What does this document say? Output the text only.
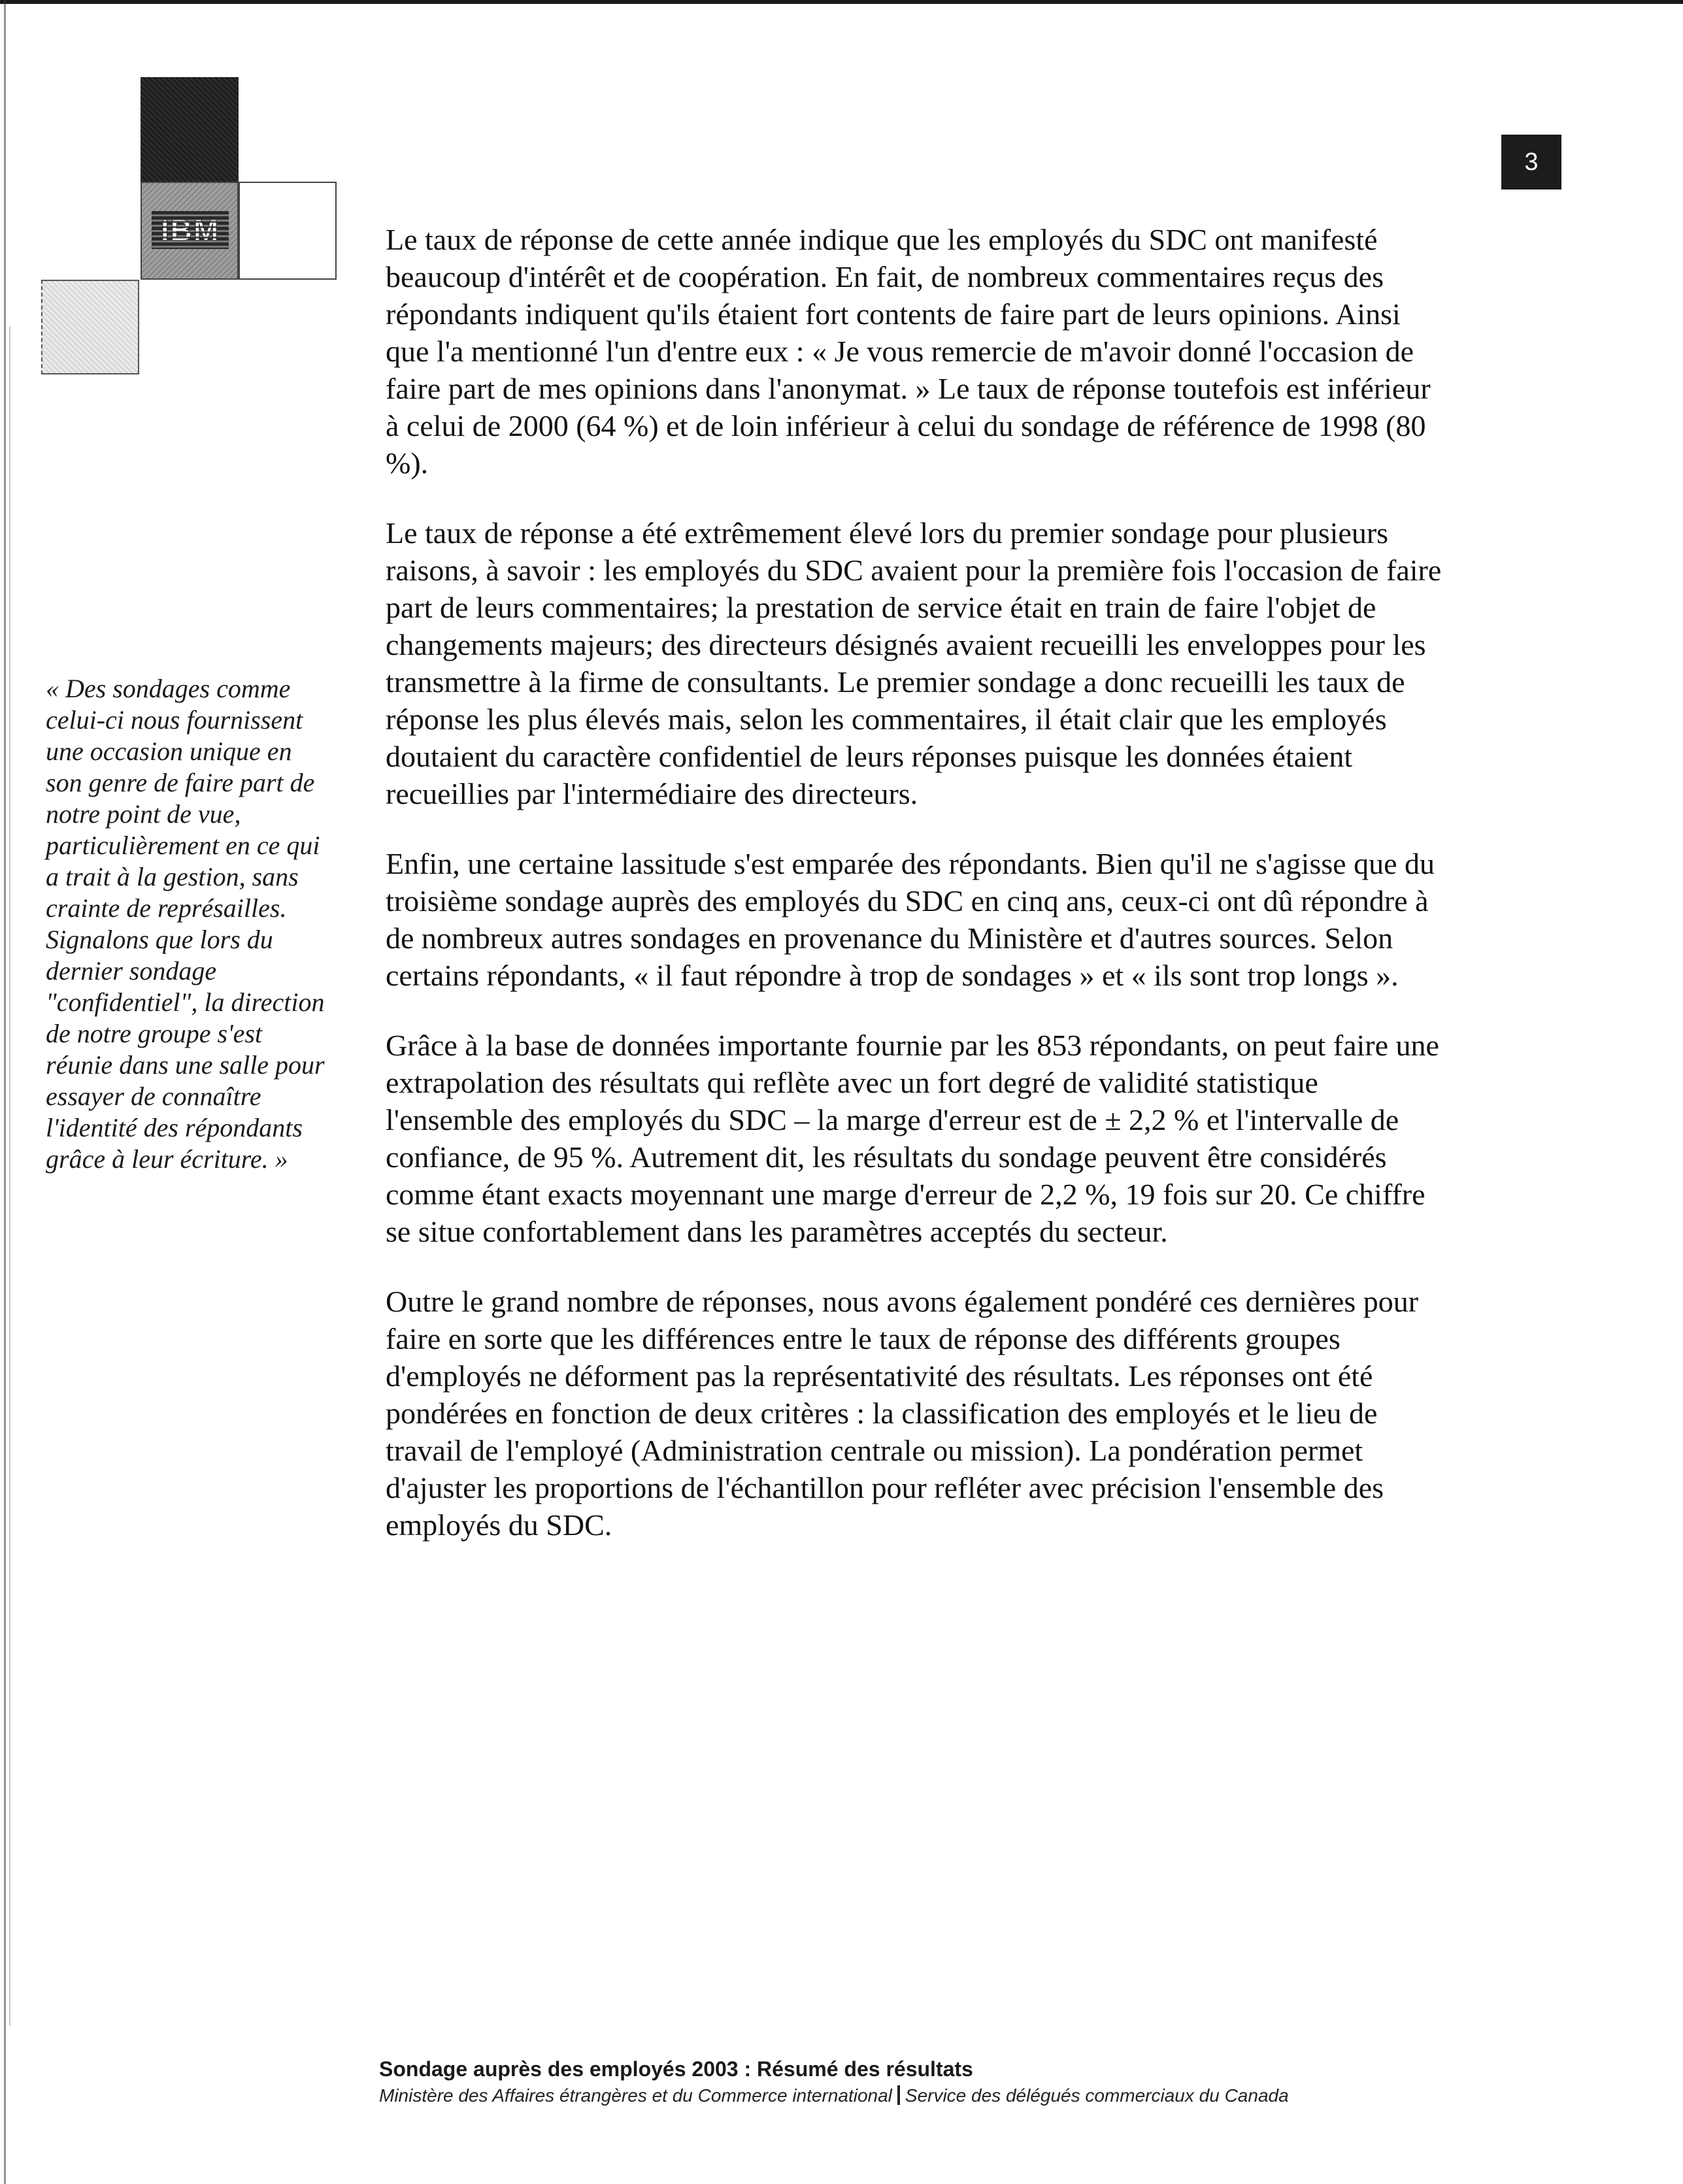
IBM
3

« Des sondages comme celui-ci nous fournissent une occasion unique en son genre de faire part de notre point de vue, particulièrement en ce qui a trait à la gestion, sans crainte de représailles. Signalons que lors du dernier sondage "confidentiel", la direction de notre groupe s'est réunie dans une salle pour essayer de connaître l'identité des répondants grâce à leur écriture. »

Le taux de réponse de cette année indique que les employés du SDC ont manifesté beaucoup d'intérêt et de coopération. En fait, de nombreux commentaires reçus des répondants indiquent qu'ils étaient fort contents de faire part de leurs opinions. Ainsi que l'a mentionné l'un d'entre eux : « Je vous remercie de m'avoir donné l'occasion de faire part de mes opinions dans l'anonymat. » Le taux de réponse toutefois est inférieur à celui de 2000 (64 %) et de loin inférieur à celui du sondage de référence de 1998 (80 %).

Le taux de réponse a été extrêmement élevé lors du premier sondage pour plusieurs raisons, à savoir : les employés du SDC avaient pour la première fois l'occasion de faire part de leurs commentaires; la prestation de service était en train de faire l'objet de changements majeurs; des directeurs désignés avaient recueilli les enveloppes pour les transmettre à la firme de consultants. Le premier sondage a donc recueilli les taux de réponse les plus élevés mais, selon les commentaires, il était clair que les employés doutaient du caractère confidentiel de leurs réponses puisque les données étaient recueillies par l'intermédiaire des directeurs.

Enfin, une certaine lassitude s'est emparée des répondants. Bien qu'il ne s'agisse que du troisième sondage auprès des employés du SDC en cinq ans, ceux-ci ont dû répondre à de nombreux autres sondages en provenance du Ministère et d'autres sources. Selon certains répondants, « il faut répondre à trop de sondages » et « ils sont trop longs ».

Grâce à la base de données importante fournie par les 853 répondants, on peut faire une extrapolation des résultats qui reflète avec un fort degré de validité statistique l'ensemble des employés du SDC – la marge d'erreur est de ± 2,2 % et l'intervalle de confiance, de 95 %. Autrement dit, les résultats du sondage peuvent être considérés comme étant exacts moyennant une marge d'erreur de 2,2 %, 19 fois sur 20. Ce chiffre se situe confortablement dans les paramètres acceptés du secteur.

Outre le grand nombre de réponses, nous avons également pondéré ces dernières pour faire en sorte que les différences entre le taux de réponse des différents groupes d'employés ne déforment pas la représentativité des résultats. Les réponses ont été pondérées en fonction de deux critères : la classification des employés et le lieu de travail de l'employé (Administration centrale ou mission). La pondération permet d'ajuster les proportions de l'échantillon pour refléter avec précision l'ensemble des employés du SDC.

Sondage auprès des employés 2003 : Résumé des résultats
Ministère des Affaires étrangères et du Commerce international Service des délégués commerciaux du Canada
